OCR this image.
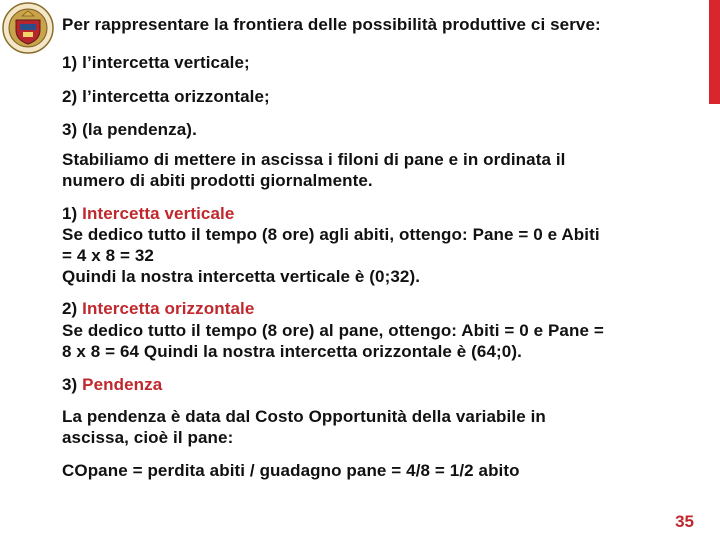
Per rappresentare la frontiera delle possibilità produttive ci serve:
1) l’intercetta verticale;
2) l’intercetta orizzontale;
3) (la pendenza).
Stabiliamo di mettere in ascissa i filoni di pane e in ordinata il
numero di abiti prodotti giornalmente.
1) Intercetta verticale
Se dedico tutto il tempo (8 ore) agli abiti, ottengo: Pane = 0 e Abiti
= 4 x 8 = 32
Quindi la nostra intercetta verticale è (0;32).
2) Intercetta orizzontale
Se dedico tutto il tempo (8 ore) al pane, ottengo: Abiti = 0 e Pane =
8 x 8 = 64 Quindi la nostra intercetta orizzontale è (64;0).
3) Pendenza
La pendenza è data dal Costo Opportunità della variabile in
ascissa, cioè il pane:
COpane = perdita abiti / guadagno pane = 4/8 = 1/2 abito
35
